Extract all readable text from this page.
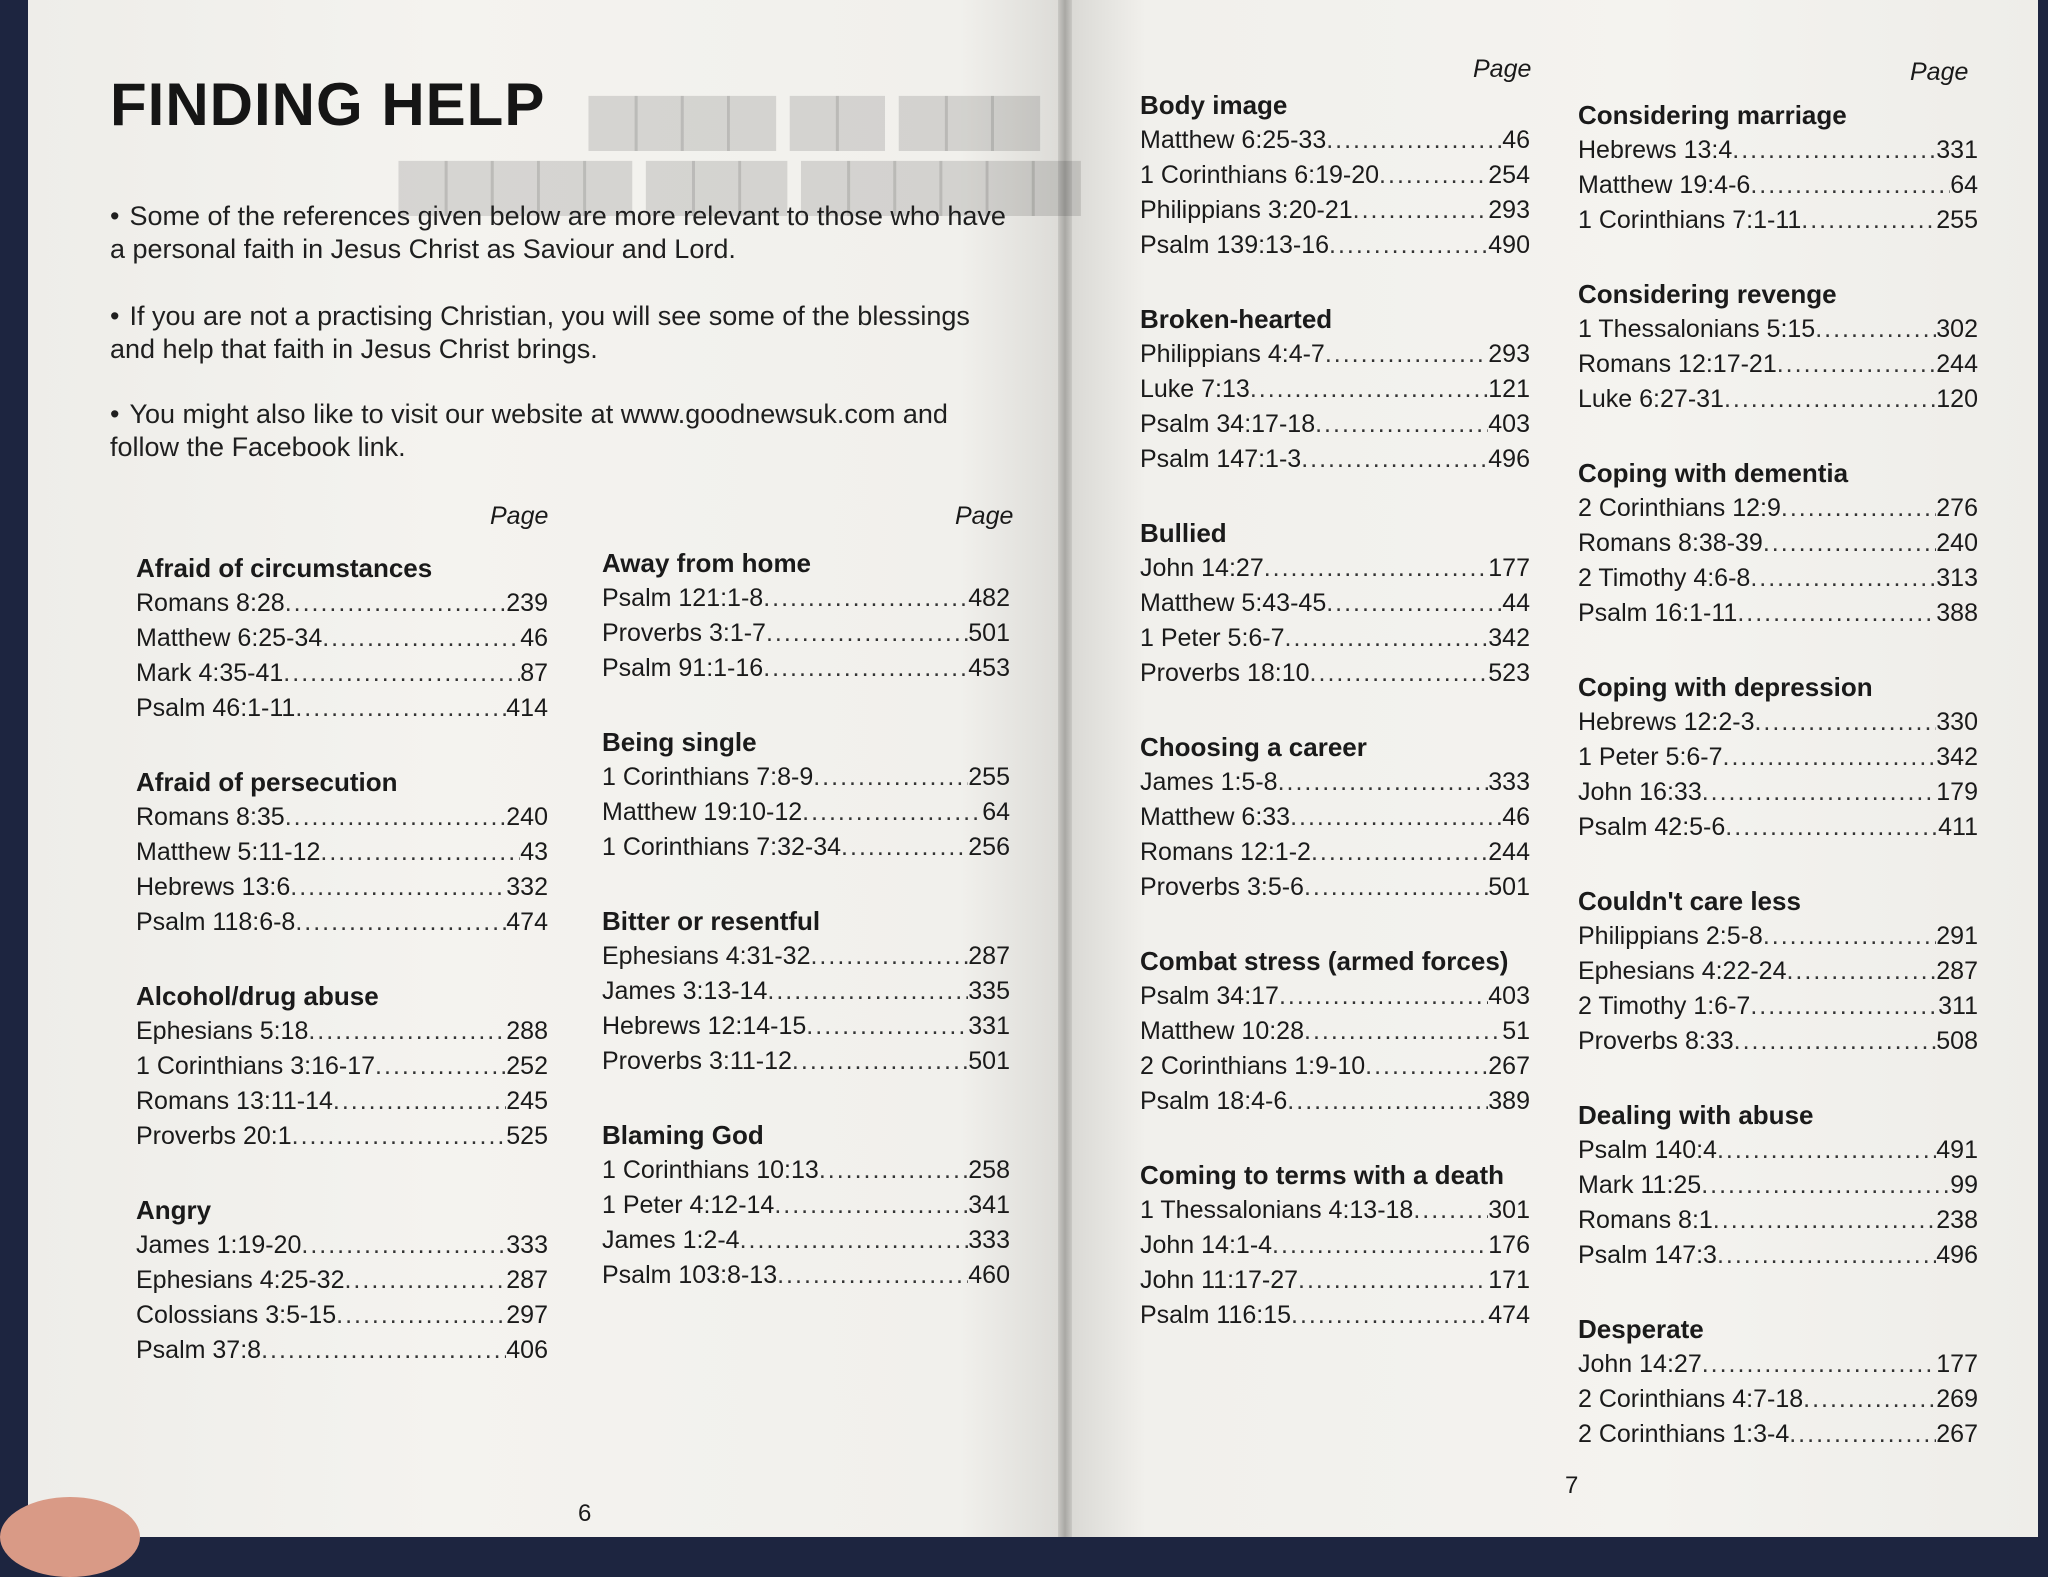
▆▆▆ ▆▆ ▆▆▆▆
▆▆▆▆▆▆ ▆▆▆ ▆▆▆▆▆
FINDING HELP
• Some of the references given below are more relevant to those who have a personal faith in Jesus Christ as Saviour and Lord.
• If you are not a practising Christian, you will see some of the blessings and help that faith in Jesus Christ brings.
• You might also like to visit our website at www.goodnewsuk.com and follow the Facebook link.
Page	Page
Afraid of circumstances
Romans 8:28 .....	239
Matthew 6:25-34 .....	46
Mark 4:35-41 .....	87
Psalm 46:1-11 .....	414
Afraid of persecution
Romans 8:35 .....	240
Matthew 5:11-12 .....	43
Hebrews 13:6 .....	332
Psalm 118:6-8 .....	474
Alcohol/drug abuse
Ephesians 5:18 .....	288
1 Corinthians 3:16-17 .....	252
Romans 13:11-14 .....	245
Proverbs 20:1 .....	525
Angry
James 1:19-20 .....	333
Ephesians 4:25-32 .....	287
Colossians 3:5-15 .....	297
Psalm 37:8 .....	406
Away from home
Psalm 121:1-8 .....	482
Proverbs 3:1-7 .....	501
Psalm 91:1-16 .....	453
Being single
1 Corinthians 7:8-9 .....	255
Matthew 19:10-12 .....	64
1 Corinthians 7:32-34 .....	256
Bitter or resentful
Ephesians 4:31-32 .....	287
James 3:13-14 .....	335
Hebrews 12:14-15 .....	331
Proverbs 3:11-12 .....	501
Blaming God
1 Corinthians 10:13 .....	258
1 Peter 4:12-14 .....	341
James 1:2-4 .....	333
Psalm 103:8-13 .....	460
6
Page	Page
Body image
Matthew 6:25-33 .....	46
1 Corinthians 6:19-20 .....	254
Philippians 3:20-21 .....	293
Psalm 139:13-16 .....	490
Broken-hearted
Philippians 4:4-7 .....	293
Luke 7:13 .....	121
Psalm 34:17-18 .....	403
Psalm 147:1-3 .....	496
Bullied
John 14:27 .....	177
Matthew 5:43-45 .....	44
1 Peter 5:6-7 .....	342
Proverbs 18:10 .....	523
Choosing a career
James 1:5-8 .....	333
Matthew 6:33 .....	46
Romans 12:1-2 .....	244
Proverbs 3:5-6 .....	501
Combat stress (armed forces)
Psalm 34:17 .....	403
Matthew 10:28 .....	51
2 Corinthians 1:9-10 .....	267
Psalm 18:4-6 .....	389
Coming to terms with a death
1 Thessalonians 4:13-18 .....	301
John 14:1-4 .....	176
John 11:17-27 .....	171
Psalm 116:15 .....	474
Considering marriage
Hebrews 13:4 .....	331
Matthew 19:4-6 .....	64
1 Corinthians 7:1-11 .....	255
Considering revenge
1 Thessalonians 5:15 .....	302
Romans 12:17-21 .....	244
Luke 6:27-31 .....	120
Coping with dementia
2 Corinthians 12:9 .....	276
Romans 8:38-39 .....	240
2 Timothy 4:6-8 .....	313
Psalm 16:1-11 .....	388
Coping with depression
Hebrews 12:2-3 .....	330
1 Peter 5:6-7 .....	342
John 16:33 .....	179
Psalm 42:5-6 .....	411
Couldn't care less
Philippians 2:5-8 .....	291
Ephesians 4:22-24 .....	287
2 Timothy 1:6-7 .....	311
Proverbs 8:33 .....	508
Dealing with abuse
Psalm 140:4 .....	491
Mark 11:25 .....	99
Romans 8:1 .....	238
Psalm 147:3 .....	496
Desperate
John 14:27 .....	177
2 Corinthians 4:7-18 .....	269
2 Corinthians 1:3-4 .....	267
7
